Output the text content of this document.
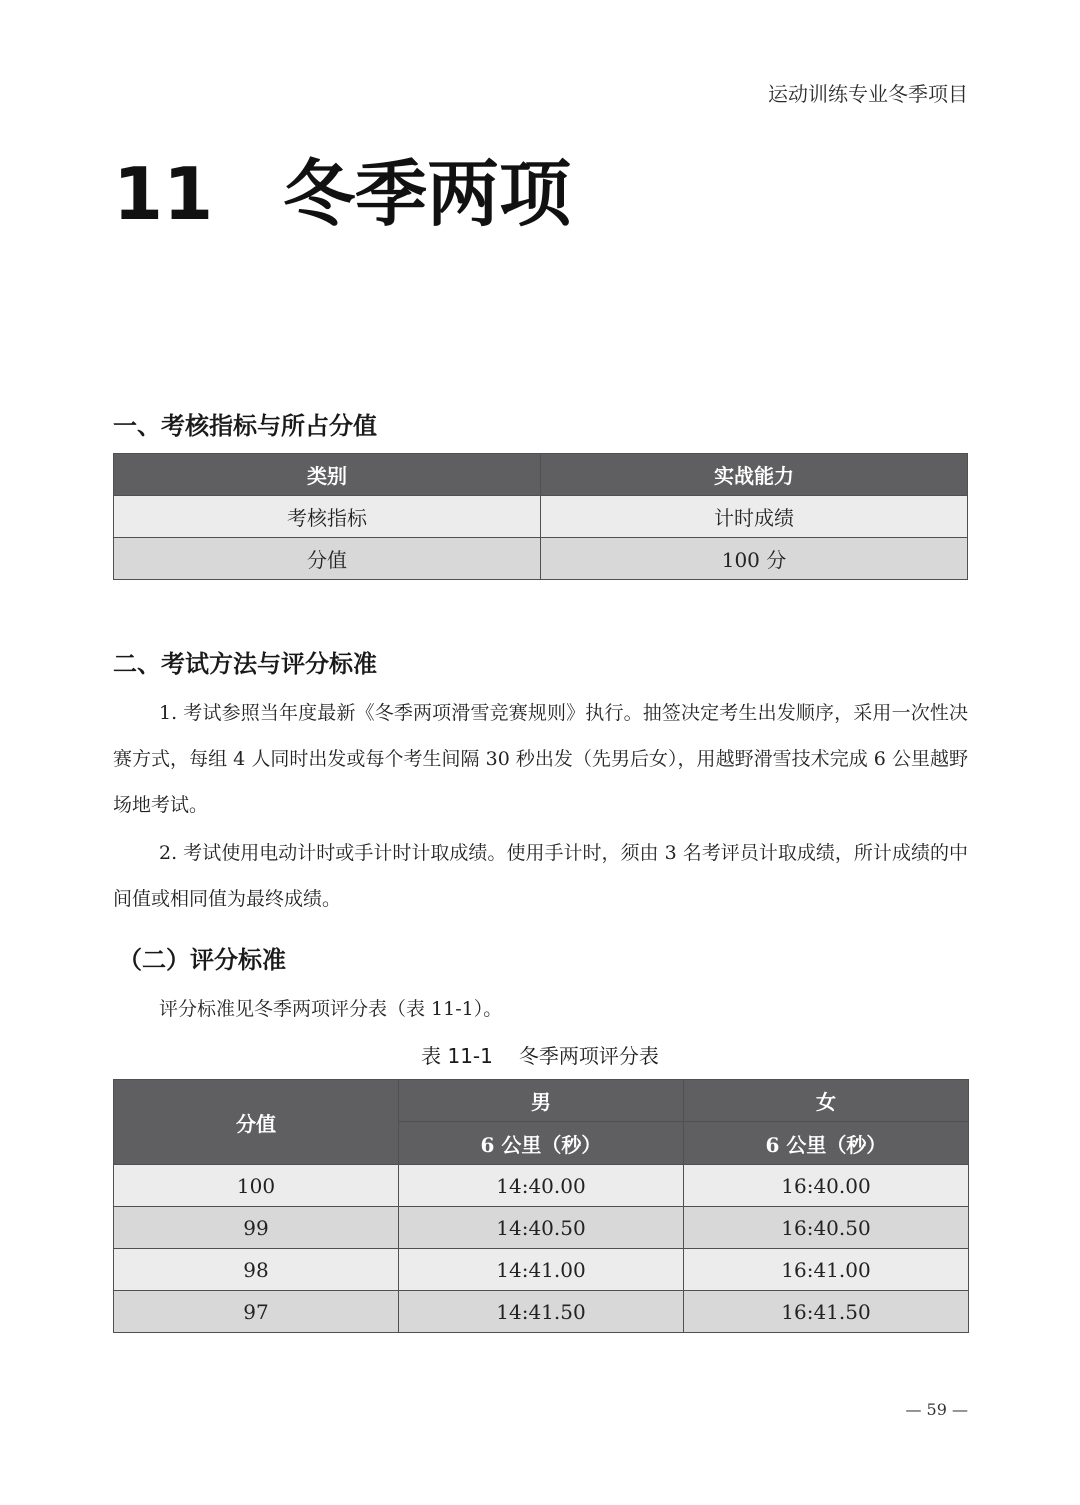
运动训练专业冬季项目
11 冬季两项
一、考核指标与所占分值
类别	实战能力
考核指标	计时成绩
分值	100 分
二、考试方法与评分标准
1. 考试参照当年度最新《冬季两项滑雪竞赛规则》执行。抽签决定考生出发顺序，采用一次性决赛方式，每组 4 人同时出发或每个考生间隔 30 秒出发（先男后女），用越野滑雪技术完成 6 公里越野场地考试。
2. 考试使用电动计时或手计时计取成绩。使用手计时，须由 3 名考评员计取成绩，所计成绩的中间值或相同值为最终成绩。
（二）评分标准
评分标准见冬季两项评分表（表 11-1）。
表 11-1 冬季两项评分表
分值	男	女
	6 公里（秒）	6 公里（秒）
100	14:40.00	16:40.00
99	14:40.50	16:40.50
98	14:41.00	16:41.00
97	14:41.50	16:41.50
— 59 —
